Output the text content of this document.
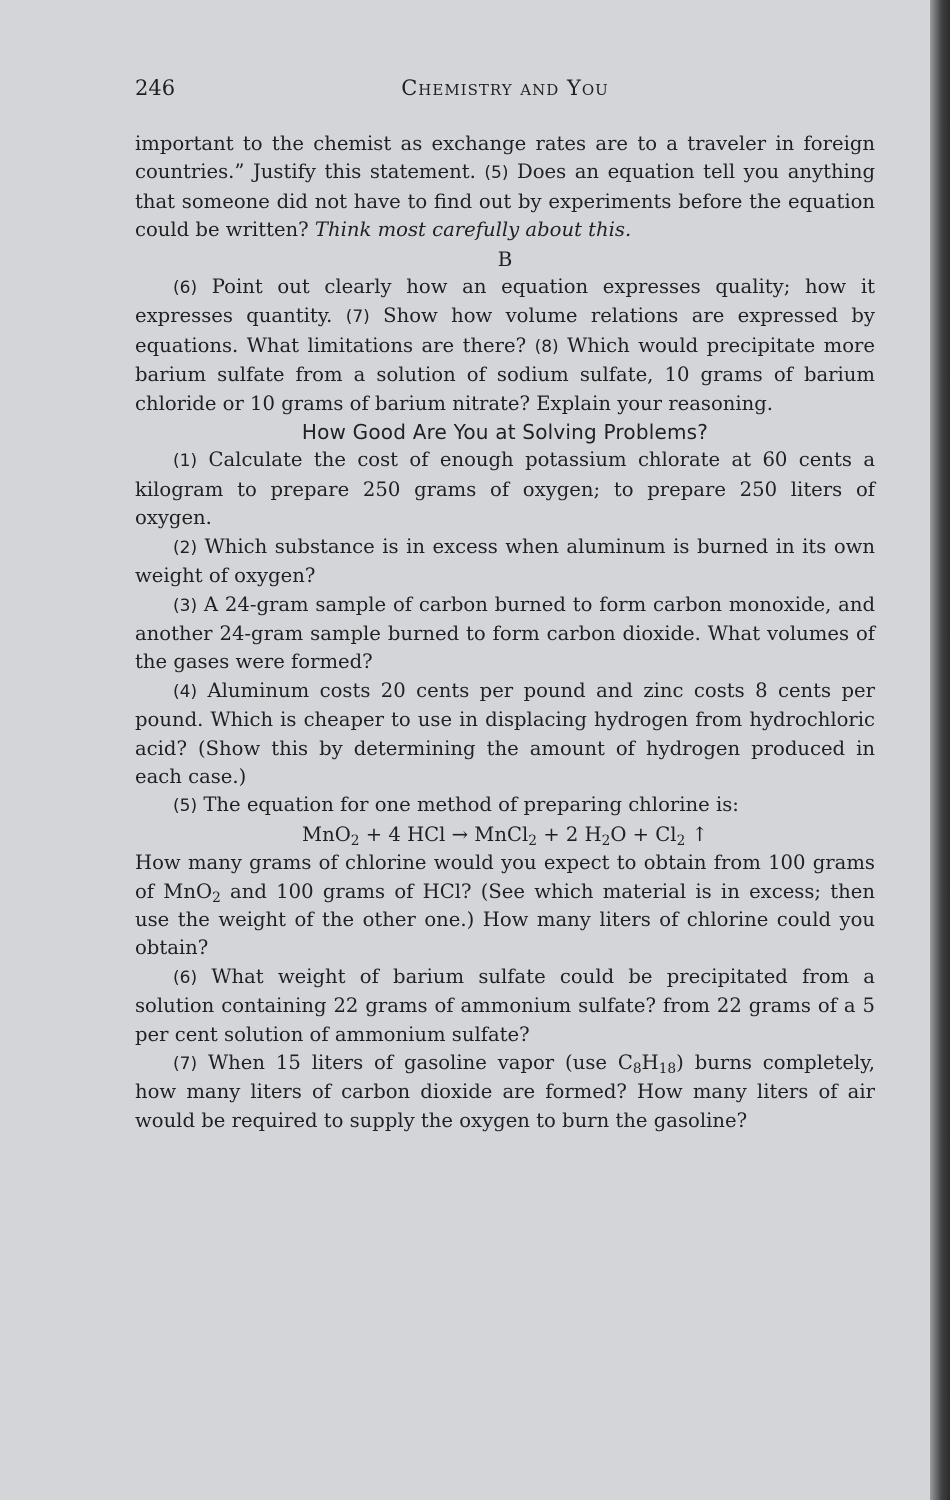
246	Chemistry and You

important to the chemist as exchange rates are to a traveler in foreign countries.” Justify this statement. (5) Does an equation tell you anything that someone did not have to find out by experiments before the equation could be written? Think most carefully about this.

B

(6) Point out clearly how an equation expresses quality; how it expresses quantity. (7) Show how volume relations are expressed by equations. What limitations are there? (8) Which would precipitate more barium sulfate from a solution of sodium sulfate, 10 grams of barium chloride or 10 grams of barium nitrate? Explain your reasoning.

How Good Are You at Solving Problems?

(1) Calculate the cost of enough potassium chlorate at 60 cents a kilogram to prepare 250 grams of oxygen; to prepare 250 liters of oxygen.

(2) Which substance is in excess when aluminum is burned in its own weight of oxygen?

(3) A 24-gram sample of carbon burned to form carbon monoxide, and another 24-gram sample burned to form carbon dioxide. What volumes of the gases were formed?

(4) Aluminum costs 20 cents per pound and zinc costs 8 cents per pound. Which is cheaper to use in displacing hydrogen from hydrochloric acid? (Show this by determining the amount of hydrogen produced in each case.)

(5) The equation for one method of preparing chlorine is:

MnO$_2$ + 4 HCl → MnCl$_2$ + 2 $H_2O + Cl_2$ ↑

How many grams of chlorine would you expect to obtain from 100 grams of MnO$_2$ and 100 grams of HCl? (See which material is in excess; then use the weight of the other one.) How many liters of chlorine could you obtain?

(6) What weight of barium sulfate could be precipitated from a solution containing 22 grams of ammonium sulfate? from 22 grams of a 5 per cent solution of ammonium sulfate?

(7) When 15 liters of gasoline vapor (use $C_8H_{18}$) burns completely, how many liters of carbon dioxide are formed? How many liters of air would be required to supply the oxygen to burn the gasoline?
